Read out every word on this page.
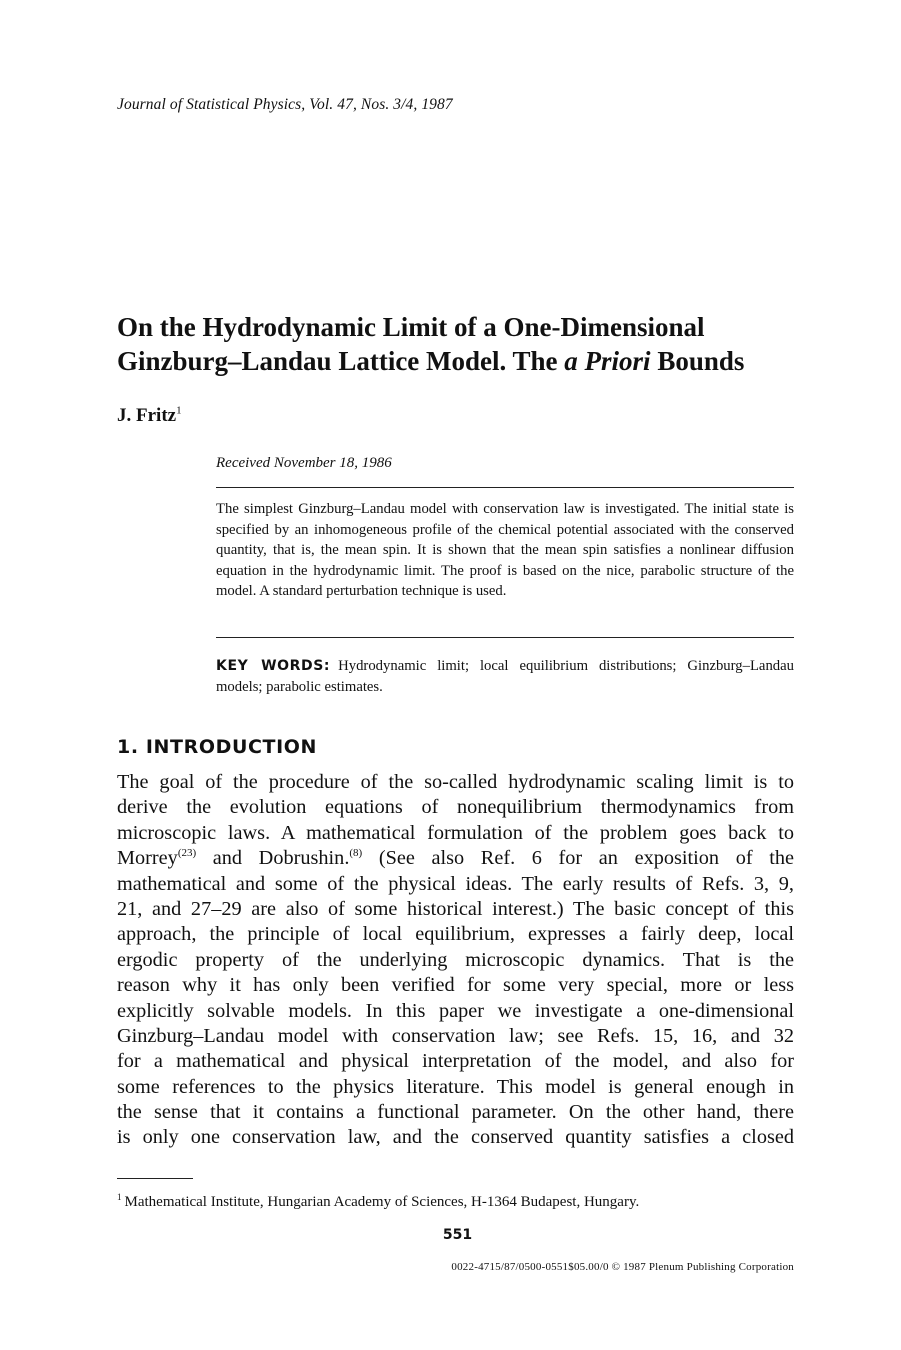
Journal of Statistical Physics, Vol. 47, Nos. 3/4, 1987
On the Hydrodynamic Limit of a One-Dimensional
Ginzburg–Landau Lattice Model. The a Priori Bounds
J. Fritz$^1$
Received November 18, 1986
The simplest Ginzburg–Landau model with conservation law is investigated. The initial state is specified by an inhomogeneous profile of the chemical potential associated with the conserved quantity, that is, the mean spin. It is shown that the mean spin satisfies a nonlinear diffusion equation in the hydrodynamic limit. The proof is based on the nice, parabolic structure of the model. A standard perturbation technique is used.
KEY WORDS: Hydrodynamic limit; local equilibrium distributions; Ginzburg–Landau models; parabolic estimates.
1. INTRODUCTION
The goal of the procedure of the so-called hydrodynamic scaling limit is to
derive the evolution equations of nonequilibrium thermodynamics from
microscopic laws. A mathematical formulation of the problem goes back to
Morrey$^{(23)}$ and Dobrushin.$^{(8)}$ (See also Ref. 6 for an exposition of the
mathematical and some of the physical ideas. The early results of Refs. 3, 9,
21, and 27–29 are also of some historical interest.) The basic concept of this
approach, the principle of local equilibrium, expresses a fairly deep, local
ergodic property of the underlying microscopic dynamics. That is the
reason why it has only been verified for some very special, more or less
explicitly solvable models. In this paper we investigate a one-dimensional
Ginzburg–Landau model with conservation law; see Refs. 15, 16, and 32
for a mathematical and physical interpretation of the model, and also for
some references to the physics literature. This model is general enough in
the sense that it contains a functional parameter. On the other hand, there
is only one conservation law, and the conserved quantity satisfies a closed
$^1$ Mathematical Institute, Hungarian Academy of Sciences, H-1364 Budapest, Hungary.
551
0022-4715/87/0500-0551$05.00/0 © 1987 Plenum Publishing Corporation
